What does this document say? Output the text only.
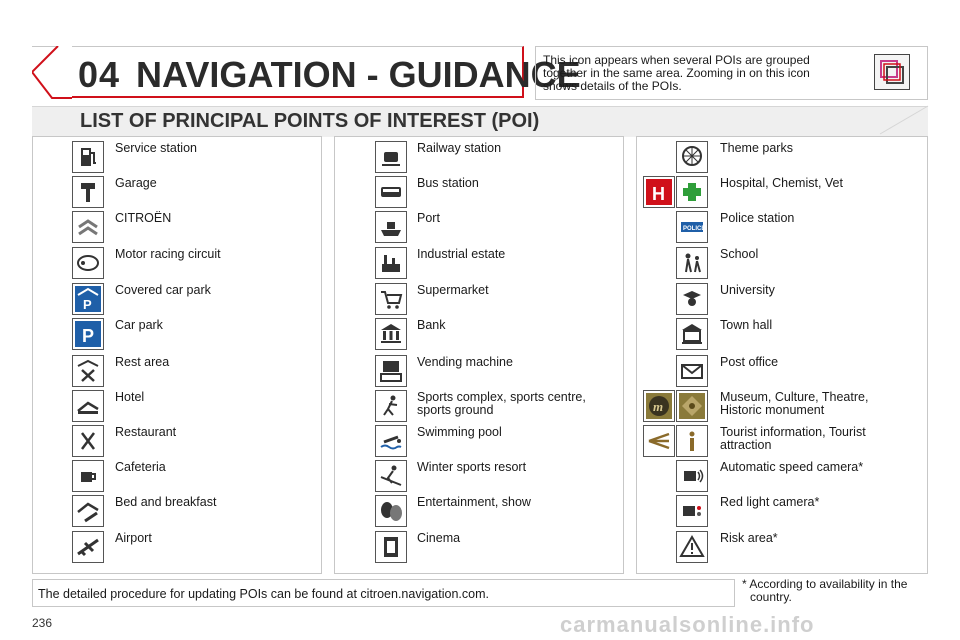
04 NAVIGATION - GUIDANCE
This icon appears when several POIs are grouped together in the same area. Zooming in on this icon shows details of the POIs.
LIST OF PRINCIPAL POINTS OF INTEREST (POI)
Service station
Garage
CITROËN
Motor racing circuit
P
Covered car park
P
Car park
Rest area
Hotel
Restaurant
Cafeteria
Bed and breakfast
Airport
Railway station
Bus station
Port
Industrial estate
Supermarket
Bank
Vending machine
Sports complex, sports centre,
sports ground
Swimming pool
Winter sports resort
Entertainment, show
Cinema
Theme parks
H
Hospital, Chemist, Vet
POLICE
Police station
School
University
Town hall
Post office
m
Museum, Culture, Theatre,
Historic monument
Tourist information, Tourist
attraction
Automatic speed camera*
Red light camera*
Risk area*
The detailed procedure for updating POIs can be found at citroen.navigation.com.
* According to availability in the
country.
236	carmanualsonline.info
